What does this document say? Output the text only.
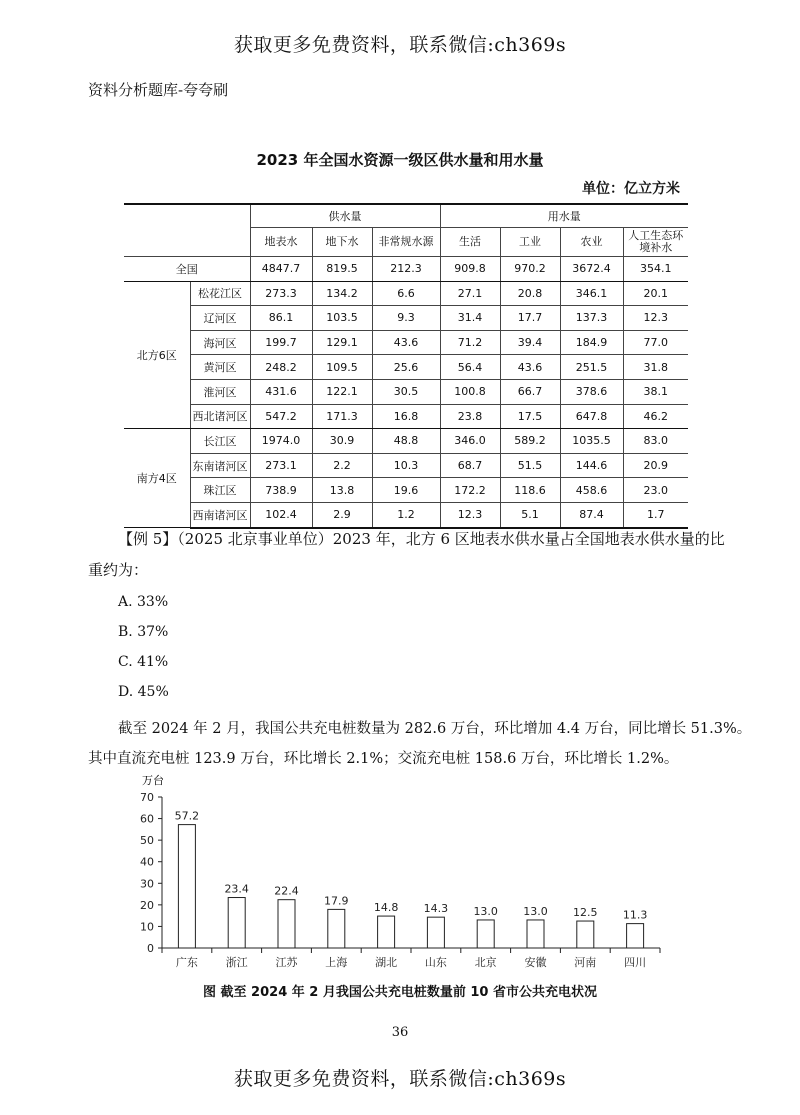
获取更多免费资料，联系微信:ch369s
资料分析题库-夸夸刷
2023 年全国水资源一级区供水量和用水量
单位：亿立方米
		供水量			用水量			
		地表水	地下水	非常规水源	生活	工业	农业	人工生态环境补水
全国		4847.7	819.5	212.3	909.8	970.2	3672.4	354.1
北方6区	松花江区	273.3	134.2	6.6	27.1	20.8	346.1	20.1
	辽河区	86.1	103.5	9.3	31.4	17.7	137.3	12.3
	海河区	199.7	129.1	43.6	71.2	39.4	184.9	77.0
	黄河区	248.2	109.5	25.6	56.4	43.6	251.5	31.8
	淮河区	431.6	122.1	30.5	100.8	66.7	378.6	38.1
	西北诸河区	547.2	171.3	16.8	23.8	17.5	647.8	46.2
南方4区	长江区	1974.0	30.9	48.8	346.0	589.2	1035.5	83.0
	东南诸河区	273.1	2.2	10.3	68.7	51.5	144.6	20.9
	珠江区	738.9	13.8	19.6	172.2	118.6	458.6	23.0
	西南诸河区	102.4	2.9	1.2	12.3	5.1	87.4	1.7
【例 5】（2025 北京事业单位）2023 年，北方 6 区地表水供水量占全国地表水供水量的比
重约为：
A. 33%
B. 37%
C. 41%
D. 45%
截至 2024 年 2 月，我国公共充电桩数量为 282.6 万台，环比增加 4.4 万台，同比增长 51.3%。
其中直流充电桩 123.9 万台，环比增长 2.1%；交流充电桩 158.6 万台，环比增长 1.2%。
万台
0
10
20
30
40
50
60
70
57.2
广东
23.4
浙江
22.4
江苏
17.9
上海
14.8
湖北
14.3
山东
13.0
北京
13.0
安徽
12.5
河南
11.3
四川
图 截至 2024 年 2 月我国公共充电桩数量前 10 省市公共充电状况
36
获取更多免费资料，联系微信:ch369s
